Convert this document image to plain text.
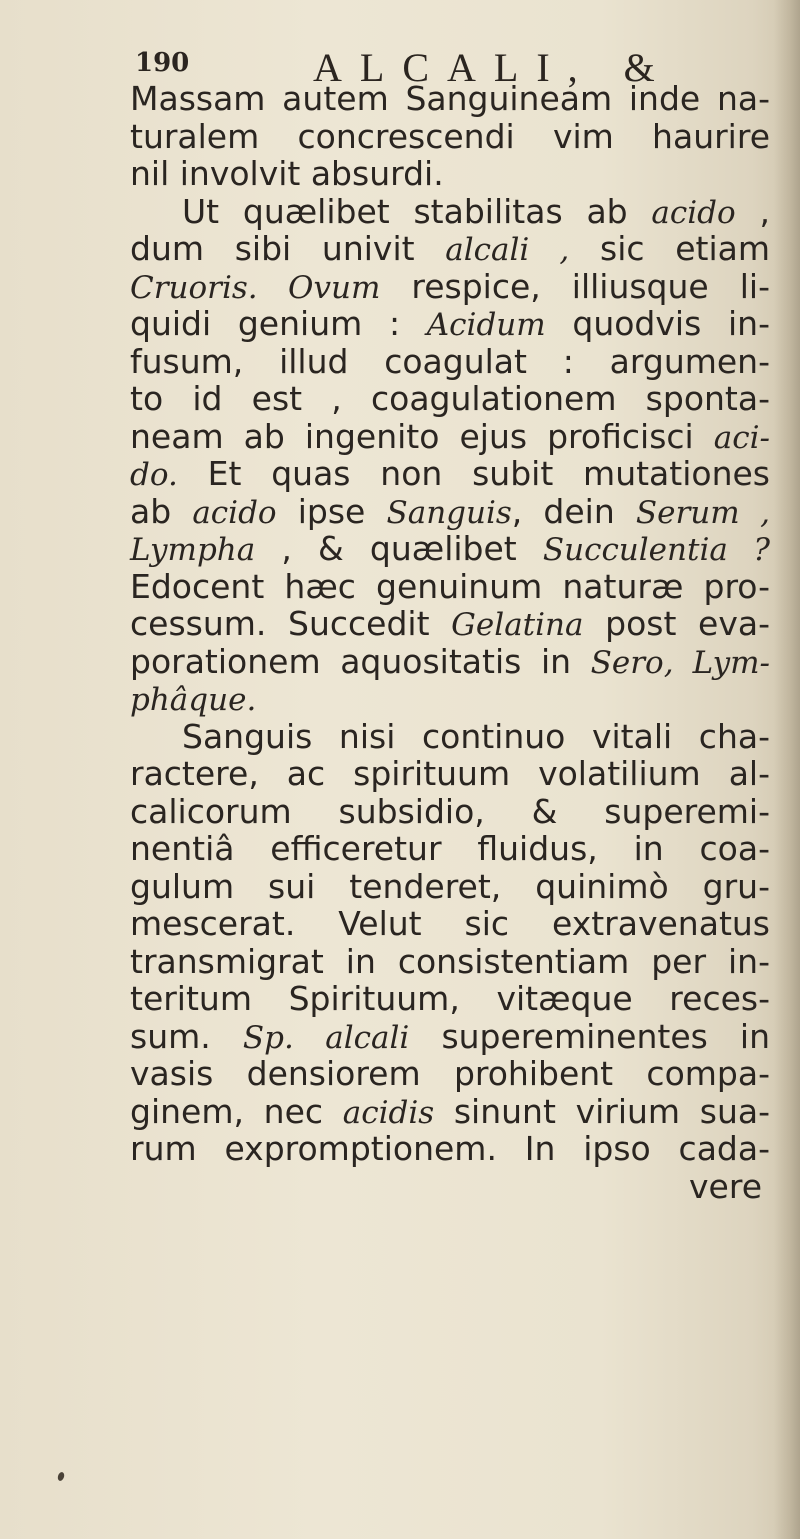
190	ALCALI, &
Massam autem Sanguineam inde na-
turalem concrescendi vim haurire
nil involvit absurdi.
Ut quælibet stabilitas ab acido ,
dum sibi univit alcali , sic etiam
Cruoris. Ovum respice, illiusque li-
quidi genium : Acidum quodvis in-
fusum, illud coagulat : argumen-
to id est , coagulationem sponta-
neam ab ingenito ejus proficisci aci-
do. Et quas non subit mutationes
ab acido ipse Sanguis, dein Serum ,
Lympha , & quælibet Succulentia ?
Edocent hæc genuinum naturæ pro-
cessum. Succedit Gelatina post eva-
porationem aquositatis in Sero, Lym-
phâque.
Sanguis nisi continuo vitali cha-
ractere, ac spirituum volatilium al-
calicorum subsidio, & superemi-
nentiâ efficeretur fluidus, in coa-
gulum sui tenderet, quinimò gru-
mescerat. Velut sic extravenatus
transmigrat in consistentiam per in-
teritum Spirituum, vitæque reces-
sum. Sp. alcali supereminentes in
vasis densiorem prohibent compa-
ginem, nec acidis sinunt virium sua-
rum expromptionem. In ipso cada-
vere
